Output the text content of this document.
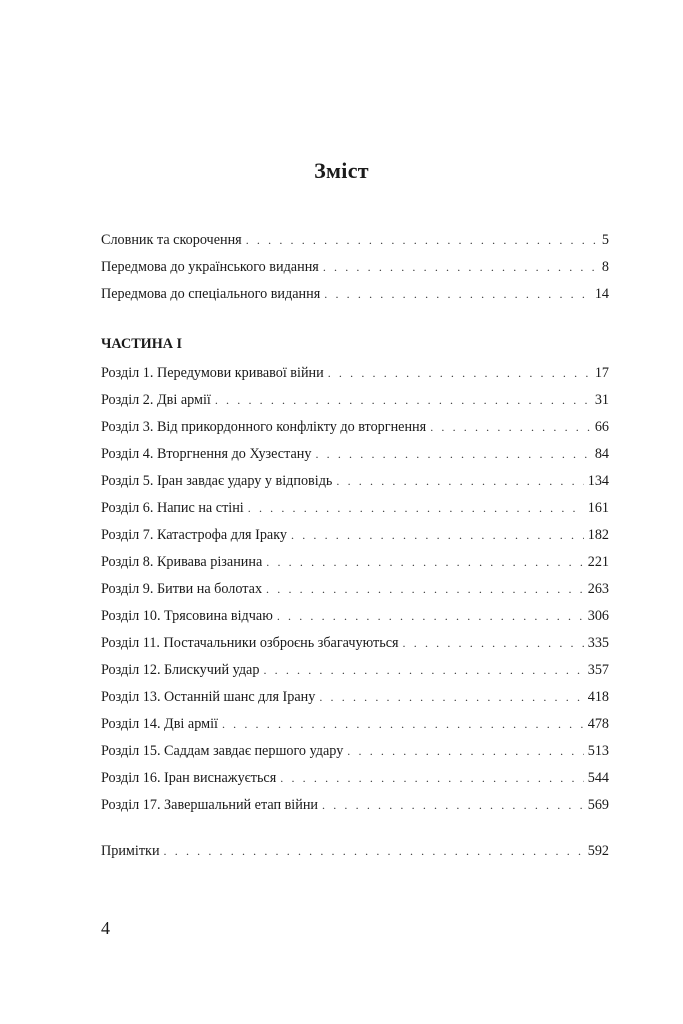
Зміст
Словник та скорочення . . .	5
Передмова до українського видання . . .	8
Передмова до спеціального видання . . .	14
ЧАСТИНА І
Розділ 1. Передумови кривавої війни . . .	17
Розділ 2. Дві армії . . .	31
Розділ 3. Від прикордонного конфлікту до вторгнення . . .	66
Розділ 4. Вторгнення до Хузестану . . .	84
Розділ 5. Іран завдає удару у відповідь . . .	134
Розділ 6. Напис на стіні . . .	161
Розділ 7. Катастрофа для Іраку . . .	182
Розділ 8. Кривава різанина . . .	221
Розділ 9. Битви на болотах . . .	263
Розділ 10. Трясовина відчаю . . .	306
Розділ 11. Постачальники озброєнь збагачуються . . .	335
Розділ 12. Блискучий удар . . .	357
Розділ 13. Останній шанс для Ірану . . .	418
Розділ 14. Дві армії . . .	478
Розділ 15. Саддам завдає першого удару . . .	513
Розділ 16. Іран виснажується . . .	544
Розділ 17. Завершальний етап війни . . .	569
Примітки . . .	592
4
